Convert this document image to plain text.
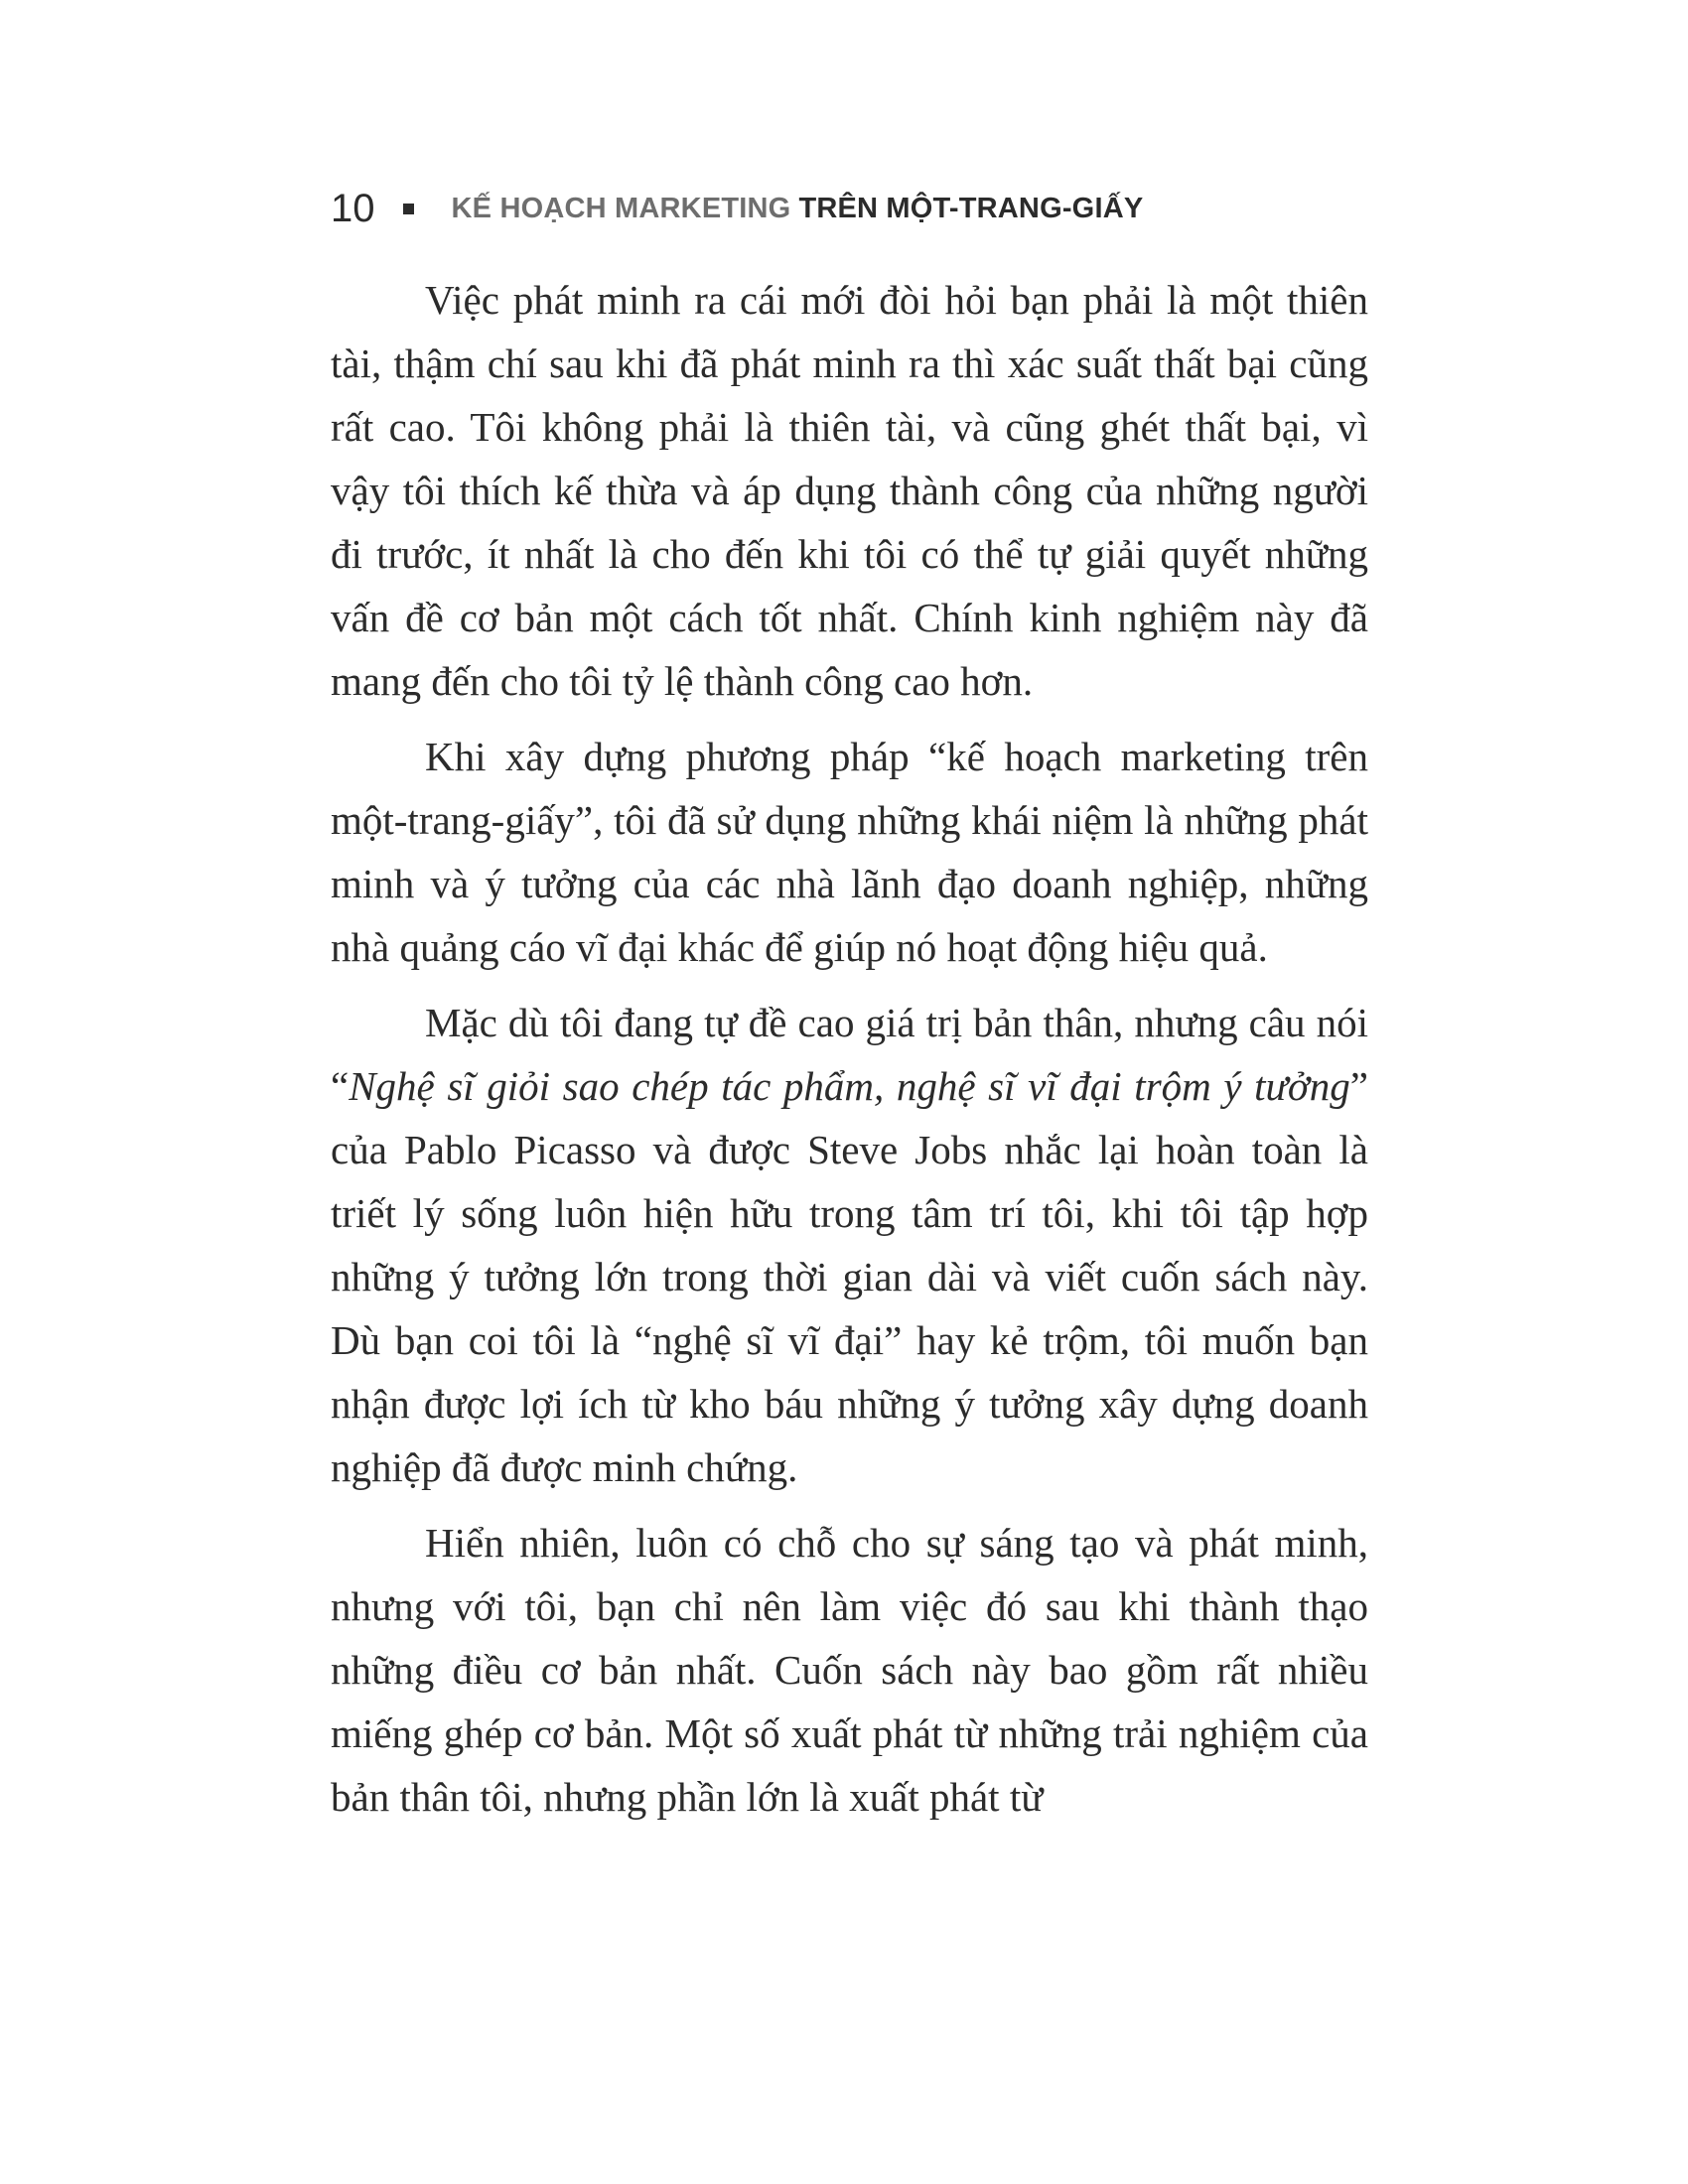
10	KẾ HOẠCH MARKETING TRÊN MỘT-TRANG-GIẤY

Việc phát minh ra cái mới đòi hỏi bạn phải là một thiên tài, thậm chí sau khi đã phát minh ra thì xác suất thất bại cũng rất cao. Tôi không phải là thiên tài, và cũng ghét thất bại, vì vậy tôi thích kế thừa và áp dụng thành công của những người đi trước, ít nhất là cho đến khi tôi có thể tự giải quyết những vấn đề cơ bản một cách tốt nhất. Chính kinh nghiệm này đã mang đến cho tôi tỷ lệ thành công cao hơn.

Khi xây dựng phương pháp “kế hoạch marketing trên một-trang-giấy”, tôi đã sử dụng những khái niệm là những phát minh và ý tưởng của các nhà lãnh đạo doanh nghiệp, những nhà quảng cáo vĩ đại khác để giúp nó hoạt động hiệu quả.

Mặc dù tôi đang tự đề cao giá trị bản thân, nhưng câu nói “Nghệ sĩ giỏi sao chép tác phẩm, nghệ sĩ vĩ đại trộm ý tưởng” của Pablo Picasso và được Steve Jobs nhắc lại hoàn toàn là triết lý sống luôn hiện hữu trong tâm trí tôi, khi tôi tập hợp những ý tưởng lớn trong thời gian dài và viết cuốn sách này. Dù bạn coi tôi là “nghệ sĩ vĩ đại” hay kẻ trộm, tôi muốn bạn nhận được lợi ích từ kho báu những ý tưởng xây dựng doanh nghiệp đã được minh chứng.

Hiển nhiên, luôn có chỗ cho sự sáng tạo và phát minh, nhưng với tôi, bạn chỉ nên làm việc đó sau khi thành thạo những điều cơ bản nhất. Cuốn sách này bao gồm rất nhiều miếng ghép cơ bản. Một số xuất phát từ những trải nghiệm của bản thân tôi, nhưng phần lớn là xuất phát từ
